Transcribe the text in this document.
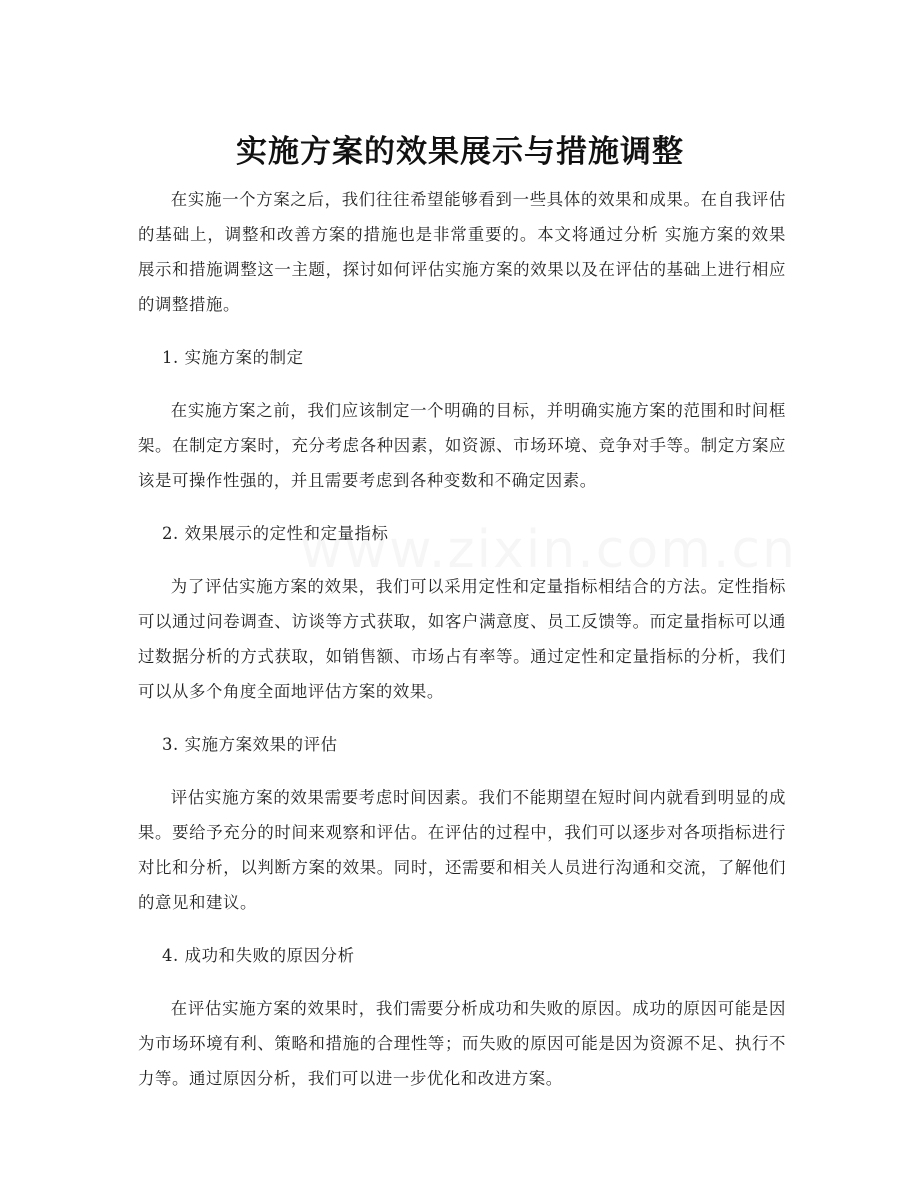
实施方案的效果展示与措施调整

在实施一个方案之后，我们往往希望能够看到一些具体的效果和成果。在自我评估的基础上，调整和改善方案的措施也是非常重要的。本文将通过分析 实施方案的效果展示和措施调整这一主题，探讨如何评估实施方案的效果以及在评估的基础上进行相应的调整措施。

1. 实施方案的制定

在实施方案之前，我们应该制定一个明确的目标，并明确实施方案的范围和时间框架。在制定方案时，充分考虑各种因素，如资源、市场环境、竞争对手等。制定方案应该是可操作性强的，并且需要考虑到各种变数和不确定因素。

2. 效果展示的定性和定量指标

为了评估实施方案的效果，我们可以采用定性和定量指标相结合的方法。定性指标可以通过问卷调查、访谈等方式获取，如客户满意度、员工反馈等。而定量指标可以通过数据分析的方式获取，如销售额、市场占有率等。通过定性和定量指标的分析，我们可以从多个角度全面地评估方案的效果。

3. 实施方案效果的评估

评估实施方案的效果需要考虑时间因素。我们不能期望在短时间内就看到明显的成果。要给予充分的时间来观察和评估。在评估的过程中，我们可以逐步对各项指标进行对比和分析，以判断方案的效果。同时，还需要和相关人员进行沟通和交流，了解他们的意见和建议。

4. 成功和失败的原因分析

在评估实施方案的效果时，我们需要分析成功和失败的原因。成功的原因可能是因为市场环境有利、策略和措施的合理性等；而失败的原因可能是因为资源不足、执行不力等。通过原因分析，我们可以进一步优化和改进方案。
